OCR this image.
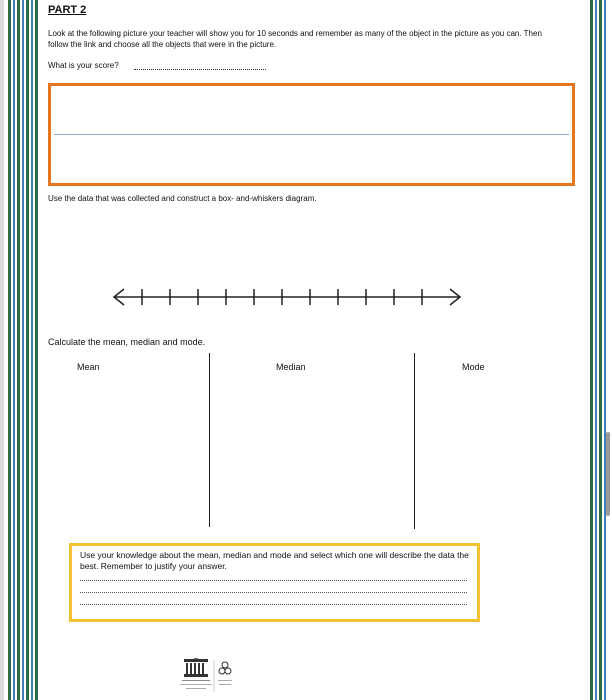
PART 2
Look at the following picture your teacher will show you for 10 seconds and remember as many of the object in the picture as you can. Then follow the link and choose all the objects that were in the picture.
What is your score?
Use the data that was collected and construct a box- and-whiskers diagram.
Calculate the mean, median and mode.
Mean	Median	Mode
Use your knowledge about the mean, median and mode and select which one will describe the data the best. Remember to justify your answer.
